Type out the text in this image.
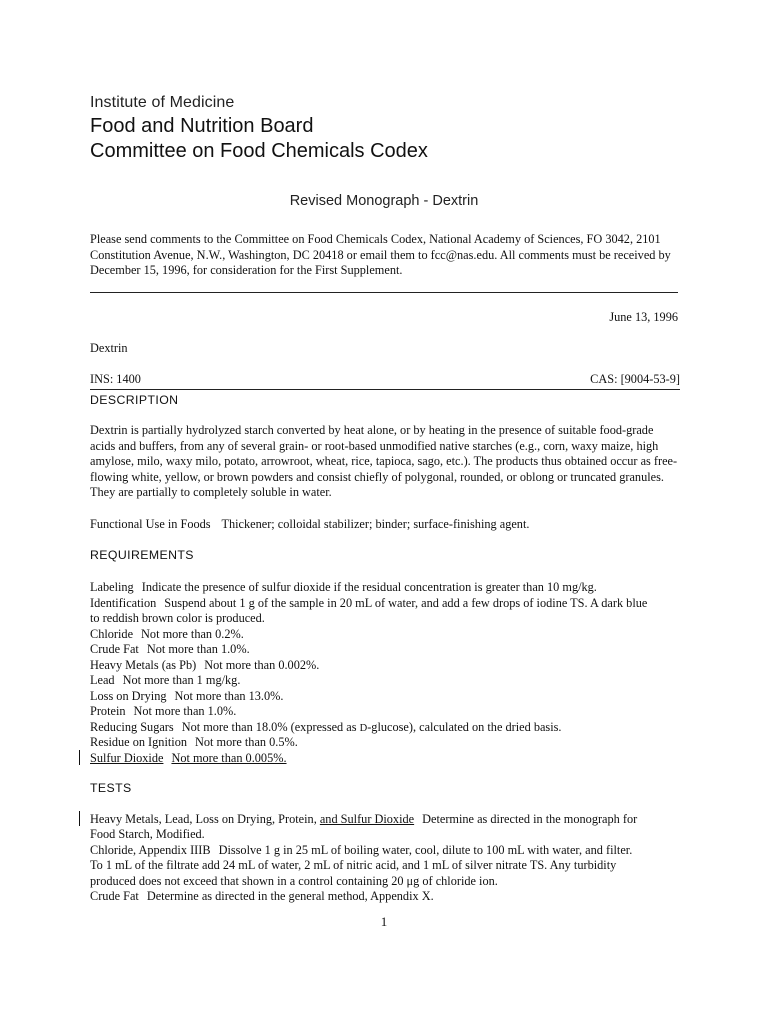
Institute of Medicine
Food and Nutrition Board
Committee on Food Chemicals Codex
Revised Monograph - Dextrin
Please send comments to the Committee on Food Chemicals Codex, National Academy of Sciences, FO 3042, 2101 Constitution Avenue, N.W., Washington, DC 20418 or email them to fcc@nas.edu. All comments must be received by December 15, 1996, for consideration for the First Supplement.
June 13, 1996
Dextrin
INS: 1400	CAS: [9004-53-9]
DESCRIPTION
Dextrin is partially hydrolyzed starch converted by heat alone, or by heating in the presence of suitable food-grade acids and buffers, from any of several grain- or root-based unmodified native starches (e.g., corn, waxy maize, high amylose, milo, waxy milo, potato, arrowroot, wheat, rice, tapioca, sago, etc.). The products thus obtained occur as free-flowing white, yellow, or brown powders and consist chiefly of polygonal, rounded, or oblong or truncated granules. They are partially to completely soluble in water.
Functional Use in Foods Thickener; colloidal stabilizer; binder; surface-finishing agent.
REQUIREMENTS
Labeling Indicate the presence of sulfur dioxide if the residual concentration is greater than 10 mg/kg.
Identification Suspend about 1 g of the sample in 20 mL of water, and add a few drops of iodine TS. A dark blue
to reddish brown color is produced.
Chloride Not more than 0.2%.
Crude Fat Not more than 1.0%.
Heavy Metals (as Pb) Not more than 0.002%.
Lead Not more than 1 mg/kg.
Loss on Drying Not more than 13.0%.
Protein Not more than 1.0%.
Reducing Sugars Not more than 18.0% (expressed as D-glucose), calculated on the dried basis.
Residue on Ignition Not more than 0.5%.
Sulfur Dioxide Not more than 0.005%.
TESTS
Heavy Metals, Lead, Loss on Drying, Protein, and Sulfur Dioxide Determine as directed in the monograph for
Food Starch, Modified.
Chloride, Appendix IIIB Dissolve 1 g in 25 mL of boiling water, cool, dilute to 100 mL with water, and filter.
To 1 mL of the filtrate add 24 mL of water, 2 mL of nitric acid, and 1 mL of silver nitrate TS. Any turbidity
produced does not exceed that shown in a control containing 20 μg of chloride ion.
Crude Fat Determine as directed in the general method, Appendix X.
1
